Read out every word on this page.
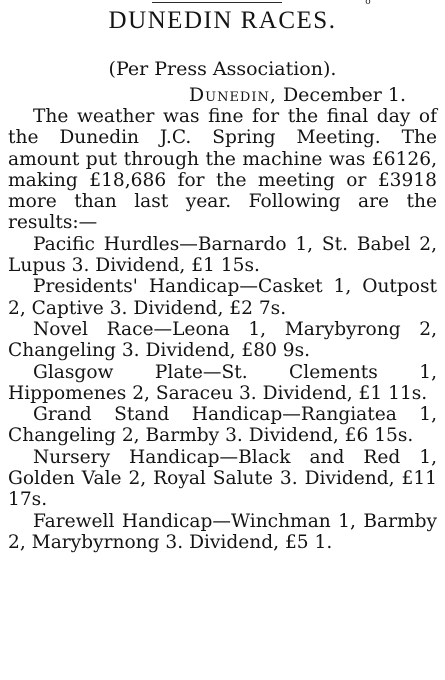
o
DUNEDIN RACES.
(Per Press Association).
Dunedin, December 1.

The weather was fine for the final day of the Dunedin J.C. Spring Meeting. The amount put through the machine was £6126, making £18,686 for the meeting or £3918 more than last year. Following are the results:—

Pacific Hurdles—Barnardo 1, St. Babel 2, Lupus 3. Dividend, £1 15s.

Presidents' Handicap—Casket 1, Outpost 2, Captive 3. Dividend, £2 7s.

Novel Race—Leona 1, Marybyrong 2, Changeling 3. Dividend, £80 9s.

Glasgow Plate—St. Clements 1, Hippomenes 2, Saraceu 3. Dividend, £1 11s.

Grand Stand Handicap—Rangiatea 1, Changeling 2, Barmby 3. Dividend, £6 15s.

Nursery Handicap—Black and Red 1, Golden Vale 2, Royal Salute 3. Dividend, £11 17s.

Farewell Handicap—Winchman 1, Barmby 2, Marybyrnong 3. Dividend, £5 1.
